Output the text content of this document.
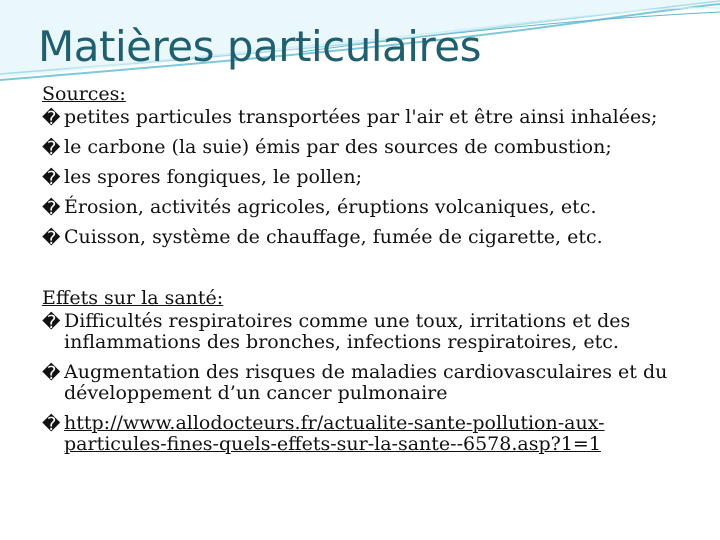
Matières particulaires

Sources:

� petites particules transportées par l'air et être ainsi inhalées;
� le carbone (la suie) émis par des sources de combustion;
� les spores fongiques, le pollen;
� Érosion, activités agricoles, éruptions volcaniques, etc.
� Cuisson, système de chauffage, fumée de cigarette, etc.

Effets sur la santé:

� Difficultés respiratoires comme une toux, irritations et des inflammations des bronches, infections respiratoires, etc.
� Augmentation des risques de maladies cardiovasculaires et du développement d’un cancer pulmonaire
� http://www.allodocteurs.fr/actualite-sante-pollution-aux-particules-fines-quels-effets-sur-la-sante--6578.asp?1=1
